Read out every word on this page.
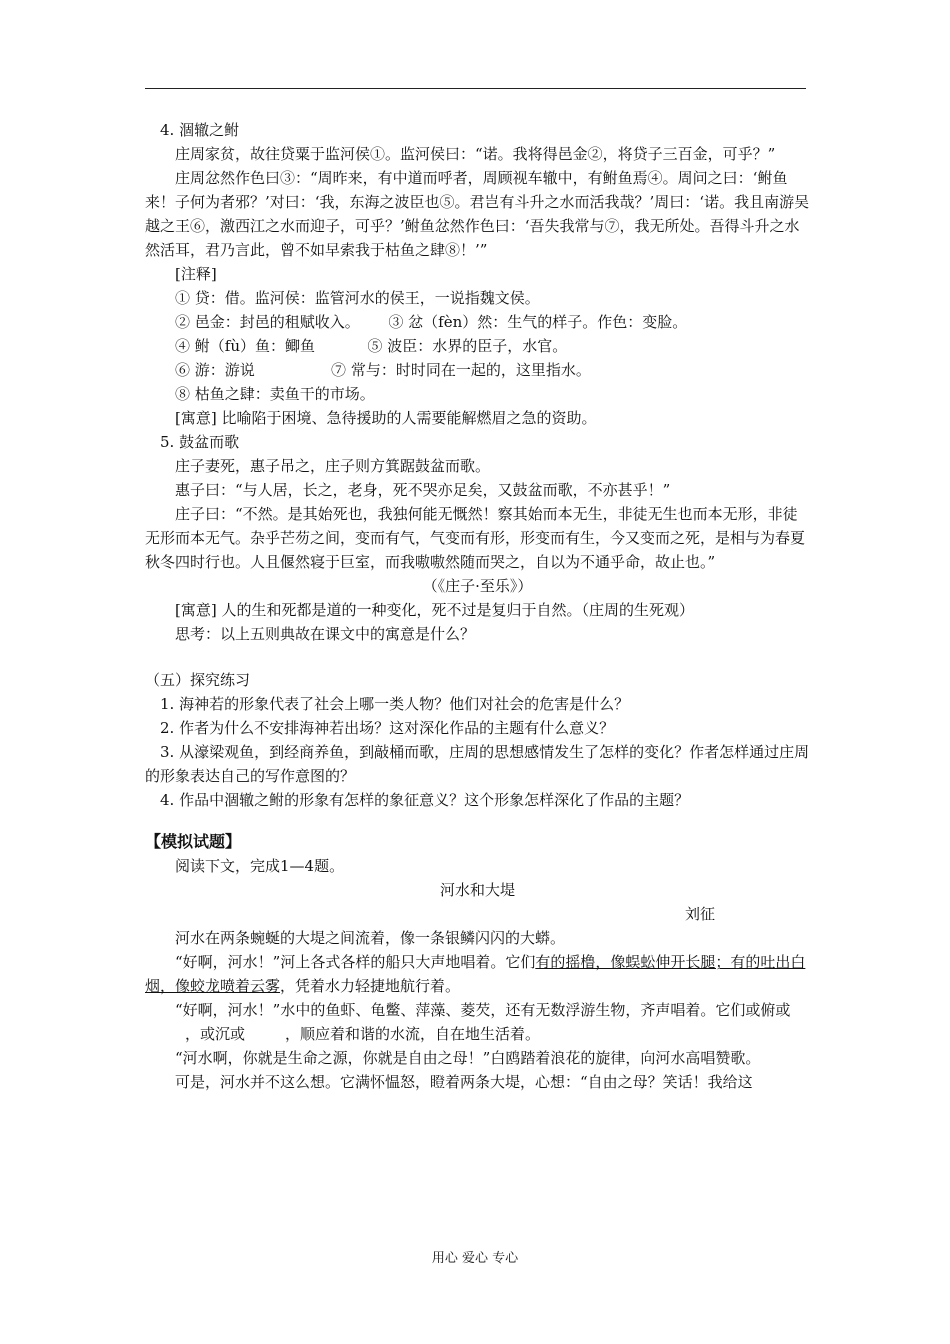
4. 涸辙之鲋

庄周家贫，故往贷粟于监河侯①。监河侯曰：“诺。我将得邑金②，将贷子三百金，可乎？”

庄周忿然作色曰③：“周昨来，有中道而呼者，周顾视车辙中，有鲋鱼焉④。周问之曰：‘鲋鱼来！子何为者邪？’对曰：‘我，东海之波臣也⑤。君岂有斗升之水而活我哉？’周曰：‘诺。我且南游吴越之王⑥，激西江之水而迎子，可乎？’鲋鱼忿然作色曰：‘吾失我常与⑦，我无所处。吾得斗升之水然活耳，君乃言此，曾不如早索我于枯鱼之肆⑧！’”

[注释]

① 贷：借。监河侯：监管河水的侯王，一说指魏文侯。

② 邑金：封邑的租赋收入。      ③ 忿（fèn）然：生气的样子。作色：变脸。

④ 鲋（fù）鱼：鲫鱼           ⑤ 波臣：水界的臣子，水官。

⑥ 游：游说                ⑦ 常与：时时同在一起的，这里指水。

⑧ 枯鱼之肆：卖鱼干的市场。

[寓意] 比喻陷于困境、急待援助的人需要能解燃眉之急的资助。

5. 鼓盆而歌

庄子妻死，惠子吊之，庄子则方箕踞鼓盆而歌。

惠子曰：“与人居，长之，老身，死不哭亦足矣，又鼓盆而歌，不亦甚乎！”

庄子曰：“不然。是其始死也，我独何能无慨然！察其始而本无生，非徒无生也而本无形，非徒无形而本无气。杂乎芒芴之间，变而有气，气变而有形，形变而有生，今又变而之死，是相与为春夏秋冬四时行也。人且偃然寝于巨室，而我嗷嗷然随而哭之，自以为不通乎命，故止也。”

（《庄子·至乐》）

[寓意] 人的生和死都是道的一种变化，死不过是复归于自然。（庄周的生死观）

思考：以上五则典故在课文中的寓意是什么？

（五）探究练习

1. 海神若的形象代表了社会上哪一类人物？他们对社会的危害是什么？

2. 作者为什么不安排海神若出场？这对深化作品的主题有什么意义？

3. 从濠梁观鱼，到经商养鱼，到敲桶而歌，庄周的思想感情发生了怎样的变化？作者怎样通过庄周的形象表达自己的写作意图的？

4. 作品中涸辙之鲋的形象有怎样的象征意义？这个形象怎样深化了作品的主题？

【模拟试题】

阅读下文，完成1—4题。

河水和大堤

刘征

河水在两条蜿蜒的大堤之间流着，像一条银鳞闪闪的大蟒。

“好啊，河水！”河上各式各样的船只大声地唱着。它们有的摇橹，像蜈蚣伸开长腿；有的吐出白烟，像蛟龙喷着云雾，凭着水力轻捷地航行着。

“好啊，河水！”水中的鱼虾、龟鳖、萍藻、菱芡，还有无数浮游生物，齐声唱着。它们或俯或，或沉或	，顺应着和谐的水流，自在地生活着。

“河水啊，你就是生命之源，你就是自由之母！”白鸥踏着浪花的旋律，向河水高唱赞歌。

可是，河水并不这么想。它满怀愠怒，瞪着两条大堤，心想：“自由之母？笑话！我给这

用心 爱心 专心
